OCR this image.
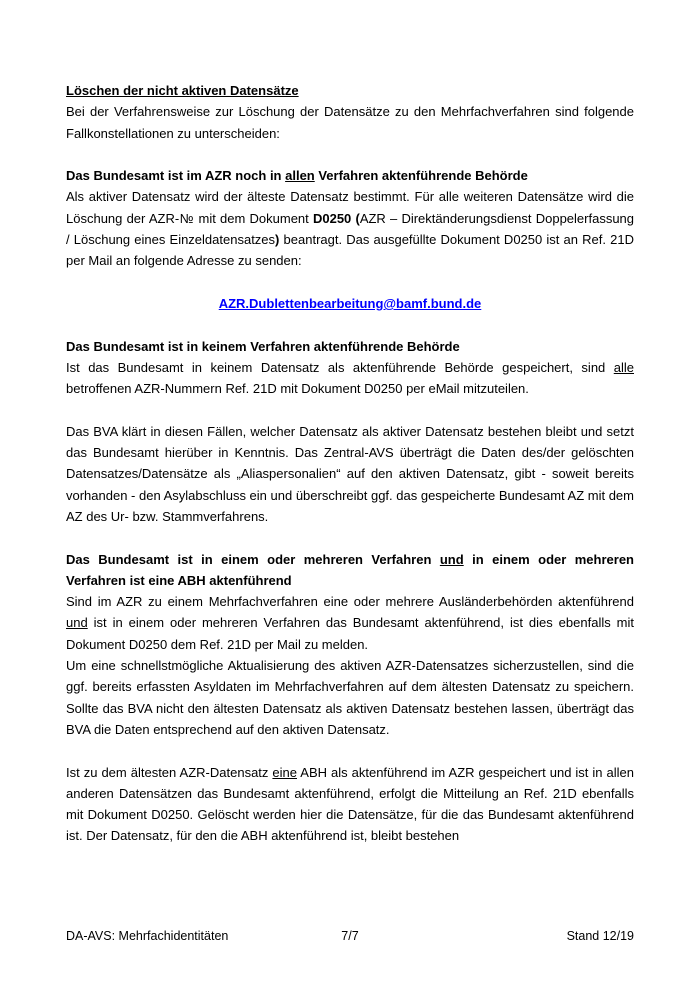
Löschen der nicht aktiven Datensätze

Bei der Verfahrensweise zur Löschung der Datensätze zu den Mehrfachverfahren sind folgende Fallkonstellationen zu unterscheiden:

Das Bundesamt ist im AZR noch in allen Verfahren aktenführende Behörde

Als aktiver Datensatz wird der älteste Datensatz bestimmt. Für alle weiteren Datensätze wird die Löschung der AZR-№ mit dem Dokument D0250 (AZR – Direktänderungsdienst Doppelerfassung / Löschung eines Einzeldatensatzes) beantragt. Das ausgefüllte Dokument D0250 ist an Ref. 21D per Mail an folgende Adresse zu senden:

AZR.Dublettenbearbeitung@bamf.bund.de

Das Bundesamt ist in keinem Verfahren aktenführende Behörde

Ist das Bundesamt in keinem Datensatz als aktenführende Behörde gespeichert, sind alle betroffenen AZR-Nummern Ref. 21D mit Dokument D0250 per eMail mitzuteilen.

Das BVA klärt in diesen Fällen, welcher Datensatz als aktiver Datensatz bestehen bleibt und setzt das Bundesamt hierüber in Kenntnis. Das Zentral-AVS überträgt die Daten des/der gelöschten Datensatzes/Datensätze als „Aliaspersonalien“ auf den aktiven Datensatz, gibt - soweit bereits vorhanden - den Asylabschluss ein und überschreibt ggf. das gespeicherte Bundesamt AZ mit dem AZ des Ur- bzw. Stammverfahrens.

Das Bundesamt ist in einem oder mehreren Verfahren und in einem oder mehreren Verfahren ist eine ABH aktenführend

Sind im AZR zu einem Mehrfachverfahren eine oder mehrere Ausländerbehörden aktenführend und ist in einem oder mehreren Verfahren das Bundesamt aktenführend, ist dies ebenfalls mit Dokument D0250 dem Ref. 21D per Mail zu melden.

Um eine schnellstmögliche Aktualisierung des aktiven AZR-Datensatzes sicherzustellen, sind die ggf. bereits erfassten Asyldaten im Mehrfachverfahren auf dem ältesten Datensatz zu speichern. Sollte das BVA nicht den ältesten Datensatz als aktiven Datensatz bestehen lassen, überträgt das BVA die Daten entsprechend auf den aktiven Datensatz.

Ist zu dem ältesten AZR-Datensatz eine ABH als aktenführend im AZR gespeichert und ist in allen anderen Datensätzen das Bundesamt aktenführend, erfolgt die Mitteilung an Ref. 21D ebenfalls mit Dokument D0250. Gelöscht werden hier die Datensätze, für die das Bundesamt aktenführend ist. Der Datensatz, für den die ABH aktenführend ist, bleibt bestehen

DA-AVS: Mehrfachidentitäten	7/7	Stand 12/19
